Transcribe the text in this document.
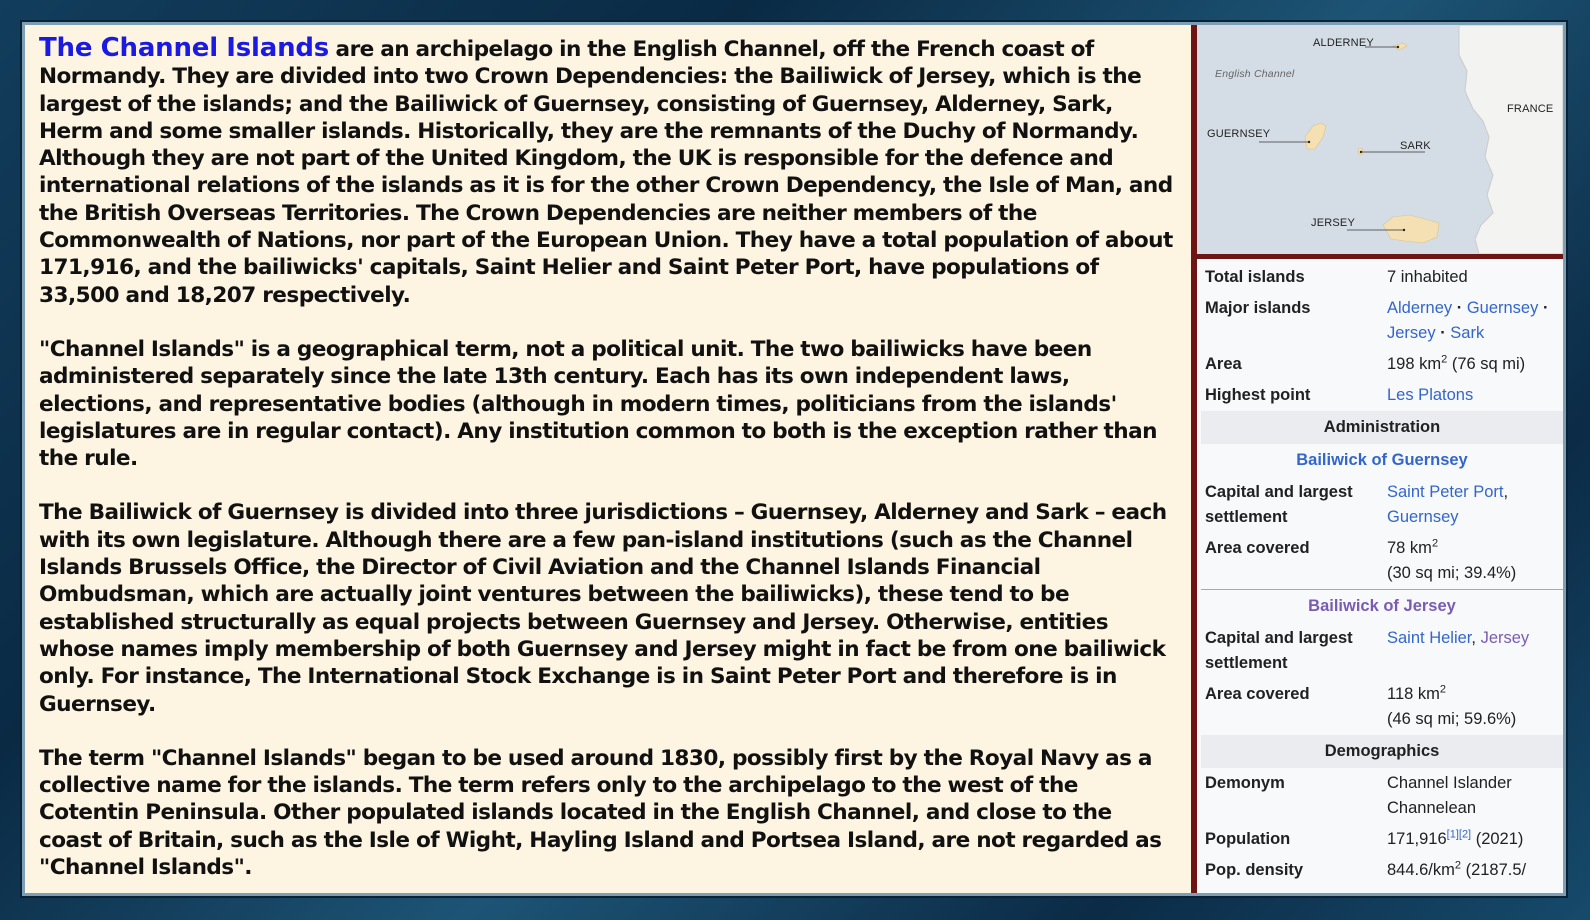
The Channel Islands are an archipelago in the English Channel, off the French coast of Normandy. They are divided into two Crown Dependencies: the Bailiwick of Jersey, which is the largest of the islands; and the Bailiwick of Guernsey, consisting of Guernsey, Alderney, Sark, Herm and some smaller islands. Historically, they are the remnants of the Duchy of Normandy. Although they are not part of the United Kingdom, the UK is responsible for the defence and international relations of the islands as it is for the other Crown Dependency, the Isle of Man, and the British Overseas Territories. The Crown Dependencies are neither members of the Commonwealth of Nations, nor part of the European Union. They have a total population of about 171,916, and the bailiwicks' capitals, Saint Helier and Saint Peter Port, have populations of 33,500 and 18,207 respectively.

"Channel Islands" is a geographical term, not a political unit. The two bailiwicks have been administered separately since the late 13th century. Each has its own independent laws, elections, and representative bodies (although in modern times, politicians from the islands' legislatures are in regular contact). Any institution common to both is the exception rather than the rule.

The Bailiwick of Guernsey is divided into three jurisdictions – Guernsey, Alderney and Sark – each with its own legislature. Although there are a few pan-island institutions (such as the Channel Islands Brussels Office, the Director of Civil Aviation and the Channel Islands Financial Ombudsman, which are actually joint ventures between the bailiwicks), these tend to be established structurally as equal projects between Guernsey and Jersey. Otherwise, entities whose names imply membership of both Guernsey and Jersey might in fact be from one bailiwick only. For instance, The International Stock Exchange is in Saint Peter Port and therefore is in Guernsey.

The term "Channel Islands" began to be used around 1830, possibly first by the Royal Navy as a collective name for the islands. The term refers only to the archipelago to the west of the Cotentin Peninsula. Other populated islands located in the English Channel, and close to the coast of Britain, such as the Isle of Wight, Hayling Island and Portsea Island, are not regarded as "Channel Islands".

ALDERNEY
English Channel
FRANCE
GUERNSEY
SARK
JERSEY
Total islands	7 inhabited
Major islands	Alderney · Guernsey · Jersey · Sark
Area	198 $km^2$ (76 sq mi)
Highest point	Les Platons
Administration	
Bailiwick of Guernsey	
Capital and largest
settlement	Saint Peter Port,
Guernsey
Area covered	78 $km^2$
(30 sq mi; 39.4%)
Bailiwick of Jersey	
Capital and largest
settlement	Saint Helier, Jersey
Area covered	118 $km^2$
(46 sq mi; 59.6%)
Demographics	
Demonym	Channel Islander
Channelean
Population	171,916[1][2] (2021)
Pop. density	$844.6/km^2$ (2187.5/
